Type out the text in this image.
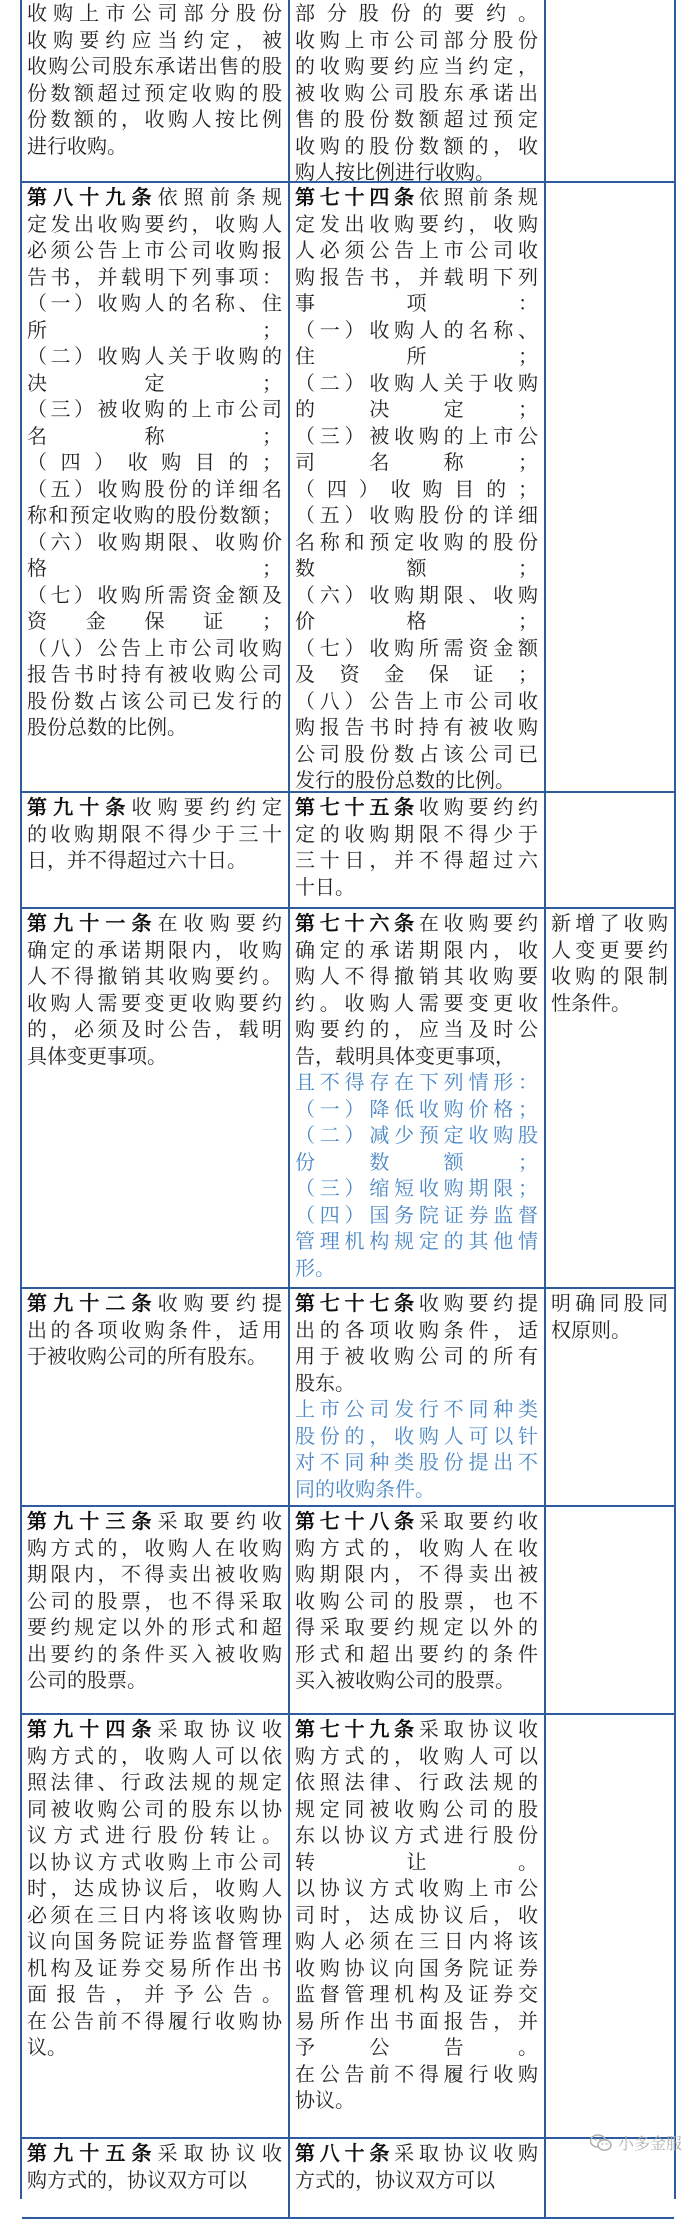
收购上市公司部分股份
收购要约应当约定，被
收购公司股东承诺出售的股
份数额超过预定收购的股
份数额的，收购人按比例
进行收购。
部分股份的要约。
收购上市公司部分股份
的收购要约应当约定，
被收购公司股东承诺出
售的股份数额超过预定
收购的股份数额的，收
购人按比例进行收购。
第八十九条依照前条规
定发出收购要约，收购人
必须公告上市公司收购报
告书，并载明下列事项：
（一）收购人的名称、住
所；
（二）收购人关于收购的
决定；
（三）被收购的上市公司
名称；
（四）收购目的；
（五）收购股份的详细名
称和预定收购的股份数额；
（六）收购期限、收购价
格；
（七）收购所需资金额及
资金保证；
（八）公告上市公司收购
报告书时持有被收购公司
股份数占该公司已发行的
股份总数的比例。
第七十四条依照前条规
定发出收购要约，收购
人必须公告上市公司收
购报告书，并载明下列
事项：
（一）收购人的名称、
住所；
（二）收购人关于收购
的决定；
（三）被收购的上市公
司名称；
（四）收购目的；
（五）收购股份的详细
名称和预定收购的股份
数额；
（六）收购期限、收购
价格；
（七）收购所需资金额
及资金保证；
（八）公告上市公司收
购报告书时持有被收购
公司股份数占该公司已
发行的股份总数的比例。
第九十条收购要约约定
的收购期限不得少于三十
日，并不得超过六十日。
第七十五条收购要约约
定的收购期限不得少于
三十日，并不得超过六
十日。
第九十一条在收购要约
确定的承诺期限内，收购
人不得撤销其收购要约。
收购人需要变更收购要约
的，必须及时公告，载明
具体变更事项。
第七十六条在收购要约
确定的承诺期限内，收
购人不得撤销其收购要
约。收购人需要变更收
购要约的，应当及时公
告，载明具体变更事项，
且不得存在下列情形：
（一）降低收购价格；
（二）减少预定收购股
份数额；
（三）缩短收购期限；
（四）国务院证券监督
管理机构规定的其他情
形。
新增了收购
人变更要约
收购的限制
性条件。
第九十二条收购要约提
出的各项收购条件，适用
于被收购公司的所有股东。
第七十七条收购要约提
出的各项收购条件，适
用于被收购公司的所有
股东。
上市公司发行不同种类
股份的，收购人可以针
对不同种类股份提出不
同的收购条件。
明确同股同
权原则。
第九十三条采取要约收
购方式的，收购人在收购
期限内，不得卖出被收购
公司的股票，也不得采取
要约规定以外的形式和超
出要约的条件买入被收购
公司的股票。
第七十八条采取要约收
购方式的，收购人在收
购期限内，不得卖出被
收购公司的股票，也不
得采取要约规定以外的
形式和超出要约的条件
买入被收购公司的股票。
第九十四条采取协议收
购方式的，收购人可以依
照法律、行政法规的规定
同被收购公司的股东以协
议方式进行股份转让。
以协议方式收购上市公司
时，达成协议后，收购人
必须在三日内将该收购协
议向国务院证券监督管理
机构及证券交易所作出书
面报告，并予公告。
在公告前不得履行收购协
议。
第七十九条采取协议收
购方式的，收购人可以
依照法律、行政法规的
规定同被收购公司的股
东以协议方式进行股份
转让。
以协议方式收购上市公
司时，达成协议后，收
购人必须在三日内将该
收购协议向国务院证券
监督管理机构及证券交
易所作出书面报告，并
予公告。
在公告前不得履行收购
协议。
第九十五条采取协议收
购方式的，协议双方可以
第八十条采取协议收购
方式的，协议双方可以
小多金服
